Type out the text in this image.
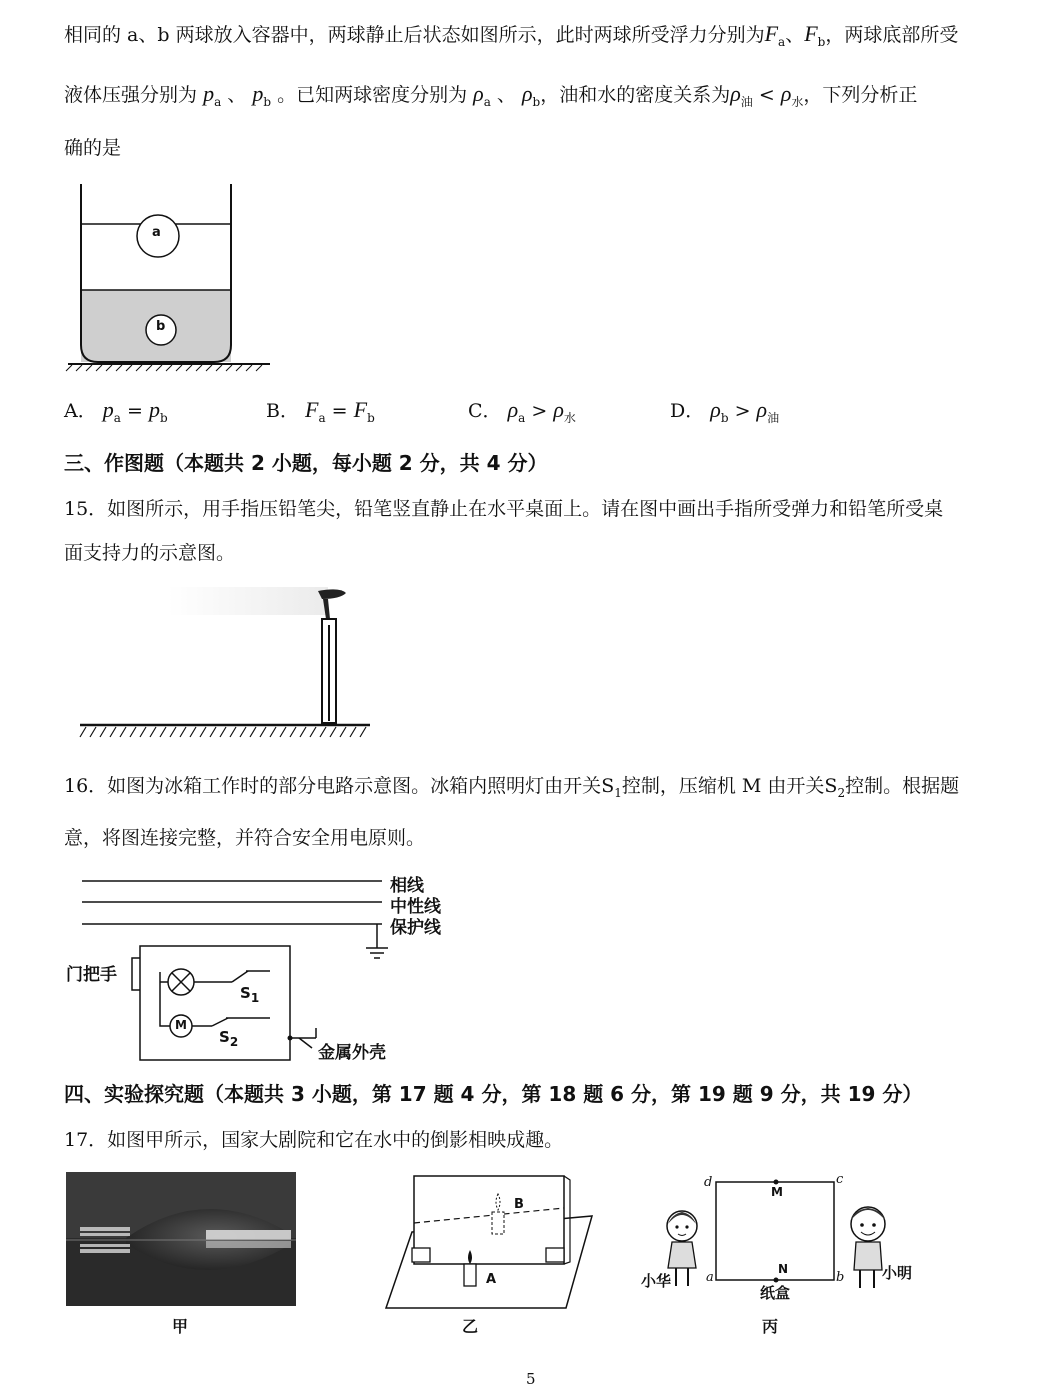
相同的 a、b 两球放入容器中，两球静止后状态如图所示，此时两球所受浮力分别为$F_a$、$F_b$，两球底部所受
液体压强分别为 $p_a$ 、 $p_b$ 。已知两球密度分别为 $\rho_a$ 、 $\rho_b$，油和水的密度关系为$\rho_油 < \rho_水$，下列分析正
确的是
a
b
A． $p_a = p_b$	B． $F_a = F_b$	C． $\rho_a > \rho_水$	D． $\rho_b > \rho_油$
三、作图题（本题共 2 小题，每小题 2 分，共 4 分）
15．如图所示，用手指压铅笔尖，铅笔竖直静止在水平桌面上。请在图中画出手指所受弹力和铅笔所受桌
面支持力的示意图。
16．如图为冰箱工作时的部分电路示意图。冰箱内照明灯由开关$S_1$控制，压缩机 M 由开关$S_2$控制。根据题
意，将图连接完整，并符合安全用电原则。
相线
中性线
保护线
门把手
M
$S_1$
$S_2$
金属外壳
四、实验探究题（本题共 3 小题，第 17 题 4 分，第 18 题 6 分，第 19 题 9 分，共 19 分）
17．如图甲所示，国家大剧院和它在水中的倒影相映成趣。
甲
A
B
乙
d	c
a	b
M
N
纸盒
小华	小明
丙
5
